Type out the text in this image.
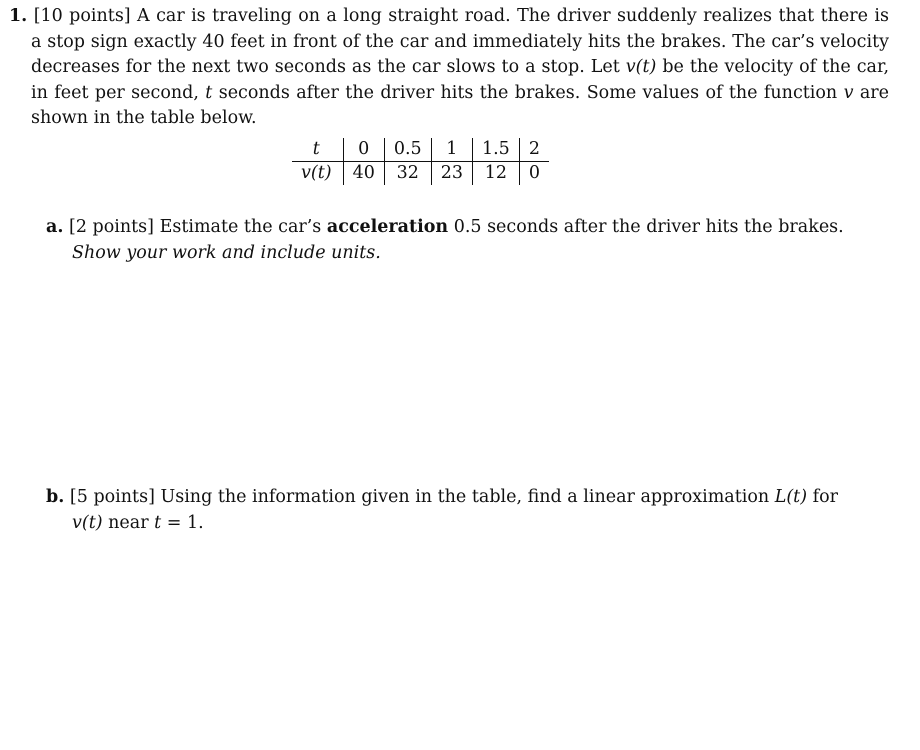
1. [10 points] A car is traveling on a long straight road. The driver suddenly realizes that there is a stop sign exactly 40 feet in front of the car and immediately hits the brakes. The car’s velocity decreases for the next two seconds as the car slows to a stop. Let v(t) be the velocity of the car, in feet per second, t seconds after the driver hits the brakes. Some values of the function v are shown in the table below.
t	0	0.5	1	1.5	2
v(t)	40	32	23	12	0
a. [2 points] Estimate the car’s acceleration 0.5 seconds after the driver hits the brakes.
Show your work and include units.
b. [5 points] Using the information given in the table, find a linear approximation L(t) for
v(t) near t = 1.
